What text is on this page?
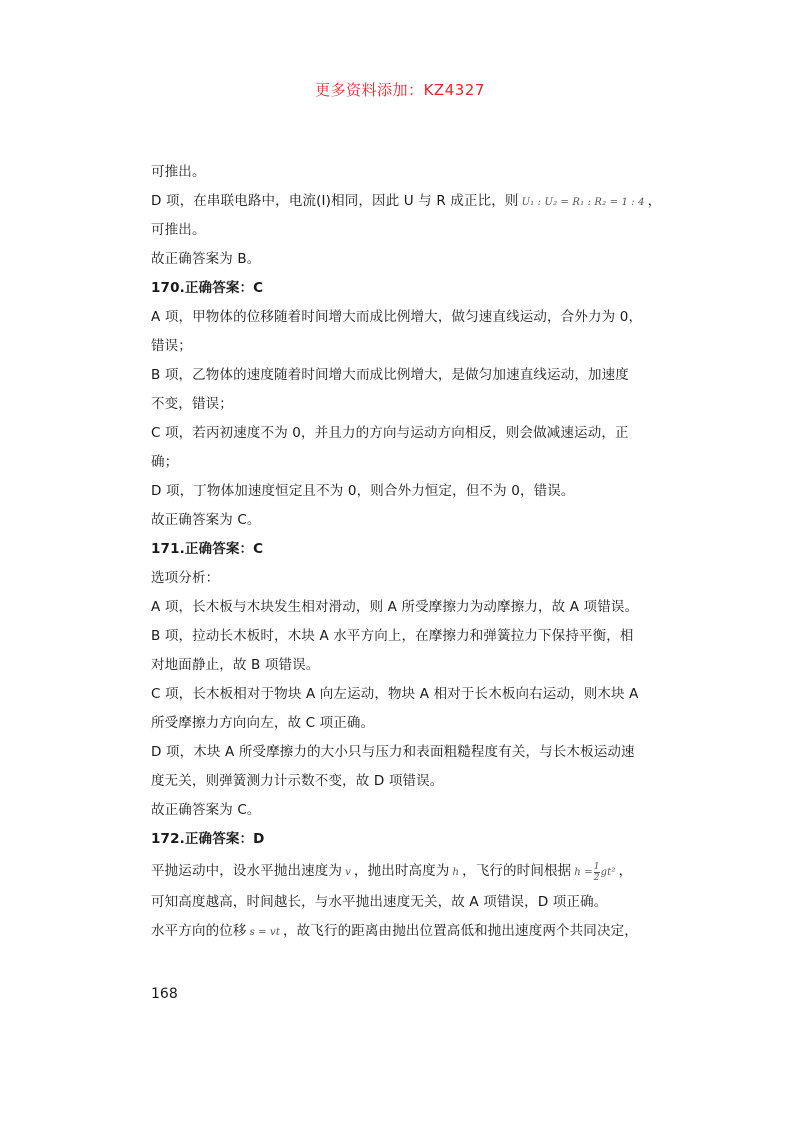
更多资料添加：KZ4327
可推出。
D 项，在串联电路中，电流(I)相同，因此 U 与 R 成正比，则 U₁ : U₂ = R₁ : R₂ = 1 : 4 ，
可推出。
故正确答案为 B。
170.正确答案：C
A 项，甲物体的位移随着时间增大而成比例增大，做匀速直线运动，合外力为 0，
错误；
B 项，乙物体的速度随着时间增大而成比例增大，是做匀加速直线运动，加速度
不变，错误；
C 项，若丙初速度不为 0，并且力的方向与运动方向相反，则会做减速运动，正
确；
D 项，丁物体加速度恒定且不为 0，则合外力恒定，但不为 0，错误。
故正确答案为 C。
171.正确答案：C
选项分析：
A 项，长木板与木块发生相对滑动，则 A 所受摩擦力为动摩擦力，故 A 项错误。
B 项，拉动长木板时，木块 A 水平方向上，在摩擦力和弹簧拉力下保持平衡，相
对地面静止，故 B 项错误。
C 项，长木板相对于物块 A 向左运动，物块 A 相对于长木板向右运动，则木块 A
所受摩擦力方向向左，故 C 项正确。
D 项，木块 A 所受摩擦力的大小只与压力和表面粗糙程度有关，与长木板运动速
度无关，则弹簧测力计示数不变，故 D 项错误。
故正确答案为 C。
172.正确答案：D
平抛运动中，设水平抛出速度为 v ，抛出时高度为 h ，飞行的时间根据 $h = \frac{1}{2} gt^2$ ，
可知高度越高，时间越长，与水平抛出速度无关，故 A 项错误，D 项正确。
水平方向的位移 s = vt ，故飞行的距离由抛出位置高低和抛出速度两个共同决定，
168
